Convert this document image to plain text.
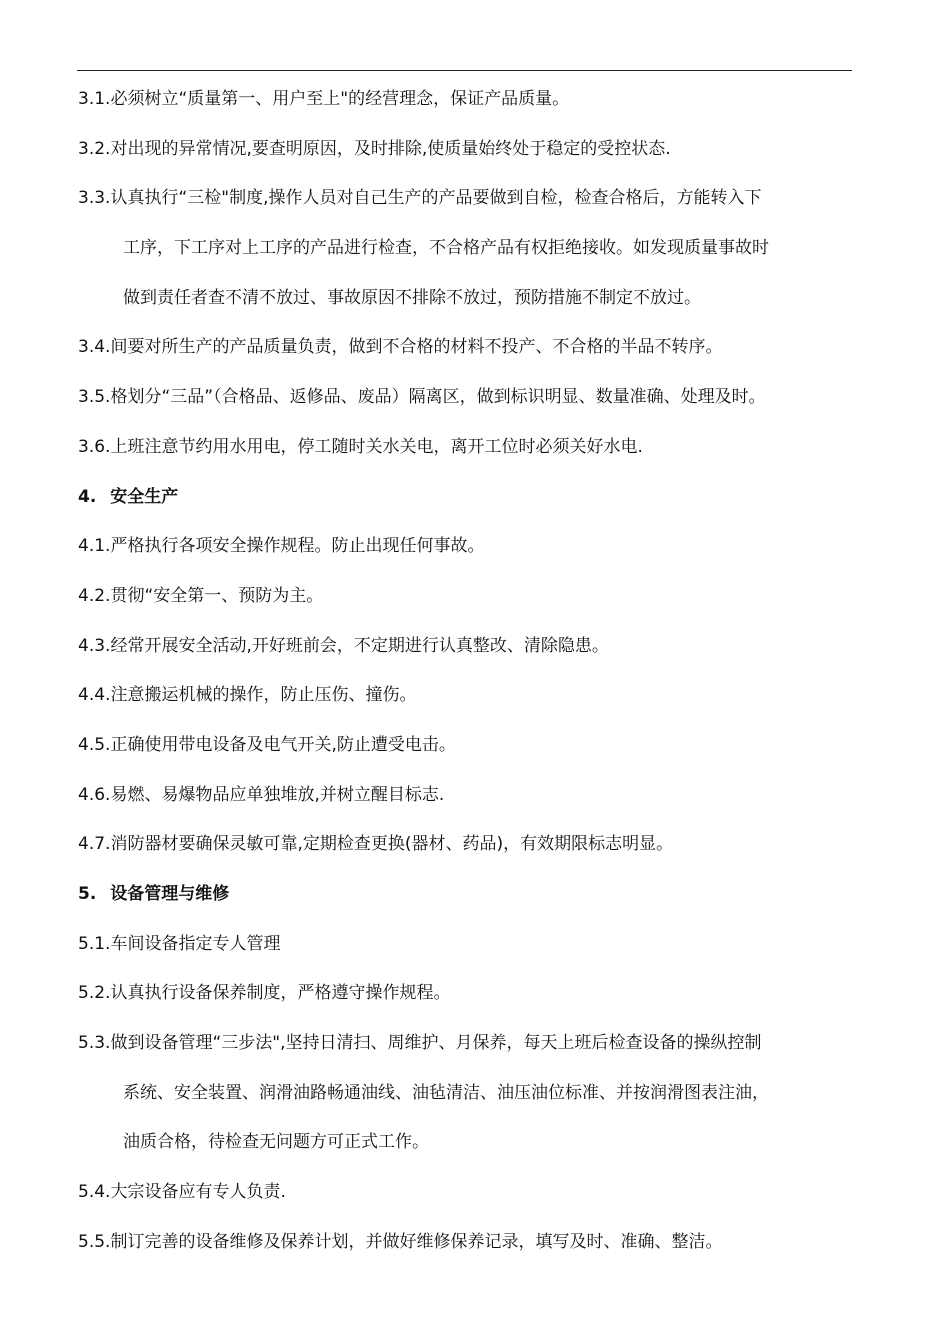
3.1.必须树立“质量第一、用户至上"的经营理念，保证产品质量。
3.2.对出现的异常情况,要查明原因，及时排除,使质量始终处于稳定的受控状态.
3.3.认真执行“三检"制度,操作人员对自己生产的产品要做到自检，检查合格后，方能转入下
工序，下工序对上工序的产品进行检查，不合格产品有权拒绝接收。如发现质量事故时
做到责任者查不清不放过、事故原因不排除不放过，预防措施不制定不放过。
3.4.间要对所生产的产品质量负责，做到不合格的材料不投产、不合格的半品不转序。
3.5.格划分“三品”（合格品、返修品、废品）隔离区，做到标识明显、数量准确、处理及时。
3.6.上班注意节约用水用电，停工随时关水关电，离开工位时必须关好水电.
4. 安全生产
4.1.严格执行各项安全操作规程。防止出现任何事故。
4.2.贯彻“安全第一、预防为主。
4.3.经常开展安全活动,开好班前会，不定期进行认真整改、清除隐患。
4.4.注意搬运机械的操作，防止压伤、撞伤。
4.5.正确使用带电设备及电气开关,防止遭受电击。
4.6.易燃、易爆物品应单独堆放,并树立醒目标志.
4.7.消防器材要确保灵敏可靠,定期检查更换(器材、药品)，有效期限标志明显。
5. 设备管理与维修
5.1.车间设备指定专人管理
5.2.认真执行设备保养制度，严格遵守操作规程。
5.3.做到设备管理“三步法",坚持日清扫、周维护、月保养，每天上班后检查设备的操纵控制
系统、安全装置、润滑油路畅通油线、油毡清洁、油压油位标准、并按润滑图表注油，
油质合格，待检查无问题方可正式工作。
5.4.大宗设备应有专人负责.
5.5.制订完善的设备维修及保养计划，并做好维修保养记录，填写及时、准确、整洁。
